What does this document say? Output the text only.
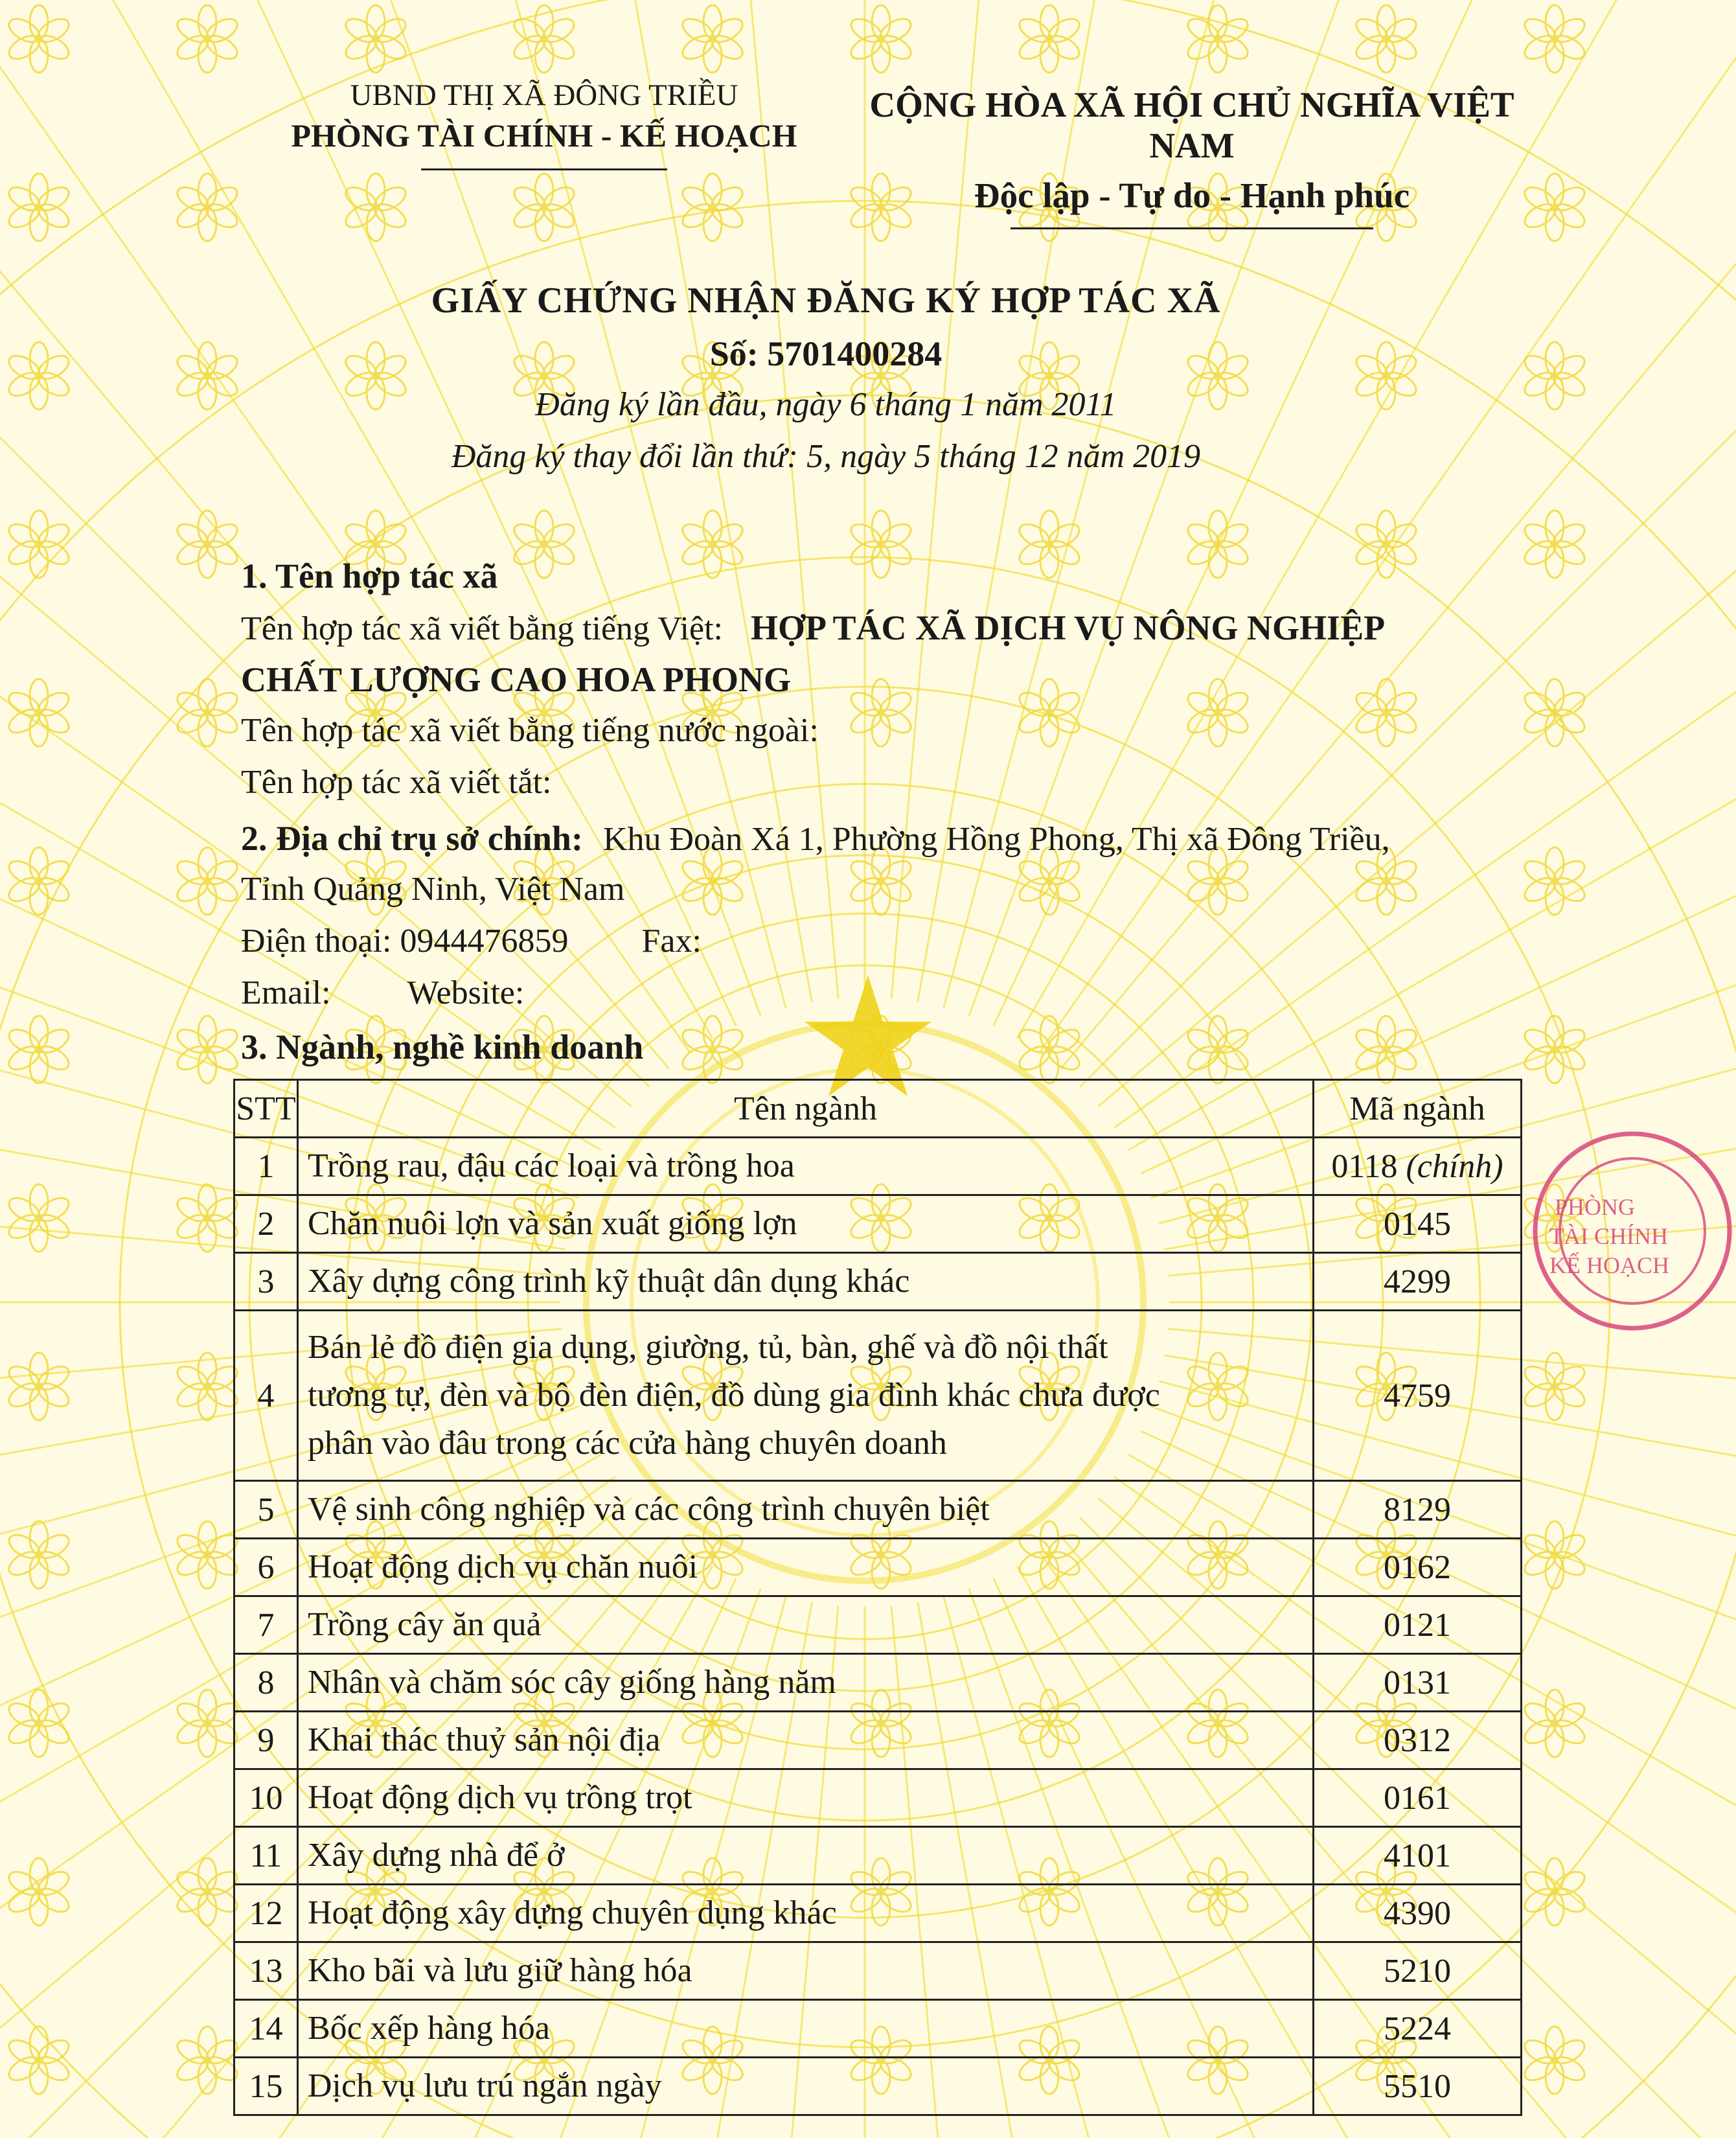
UBND THỊ XÃ ĐÔNG TRIỀU
PHÒNG TÀI CHÍNH - KẾ HOẠCH
CỘNG HÒA XÃ HỘI CHỦ NGHĨA VIỆT NAM
Độc lập - Tự do - Hạnh phúc
GIẤY CHỨNG NHẬN ĐĂNG KÝ HỢP TÁC XÃ
Số: 5701400284
Đăng ký lần đầu, ngày 6 tháng 1 năm 2011
Đăng ký thay đổi lần thứ: 5, ngày 5 tháng 12 năm 2019
1. Tên hợp tác xã
Tên hợp tác xã viết bằng tiếng Việt: HỢP TÁC XÃ DỊCH VỤ NÔNG NGHIỆP
CHẤT LƯỢNG CAO HOA PHONG
Tên hợp tác xã viết bằng tiếng nước ngoài:
Tên hợp tác xã viết tắt:
2. Địa chỉ trụ sở chính: Khu Đoàn Xá 1, Phường Hồng Phong, Thị xã Đông Triều,
Tỉnh Quảng Ninh, Việt Nam
Điện thoại: 0944476859 Fax:
Email: Website:
3. Ngành, nghề kinh doanh
STT	Tên ngành	Mã ngành
1	Trồng rau, đậu các loại và trồng hoa	0118 (chính)
2	Chăn nuôi lợn và sản xuất giống lợn	0145
3	Xây dựng công trình kỹ thuật dân dụng khác	4299
4	Bán lẻ đồ điện gia dụng, giường, tủ, bàn, ghế và đồ nội thất
tương tự, đèn và bộ đèn điện, đồ dùng gia đình khác chưa được
phân vào đâu trong các cửa hàng chuyên doanh	4759
5	Vệ sinh công nghiệp và các công trình chuyên biệt	8129
6	Hoạt động dịch vụ chăn nuôi	0162
7	Trồng cây ăn quả	0121
8	Nhân và chăm sóc cây giống hàng năm	0131
9	Khai thác thuỷ sản nội địa	0312
10	Hoạt động dịch vụ trồng trọt	0161
11	Xây dựng nhà để ở	4101
12	Hoạt động xây dựng chuyên dụng khác	4390
13	Kho bãi và lưu giữ hàng hóa	5210
14	Bốc xếp hàng hóa	5224
15	Dịch vụ lưu trú ngắn ngày	5510
PHÒNG
TÀI CHÍNH
KẾ HOẠCH
